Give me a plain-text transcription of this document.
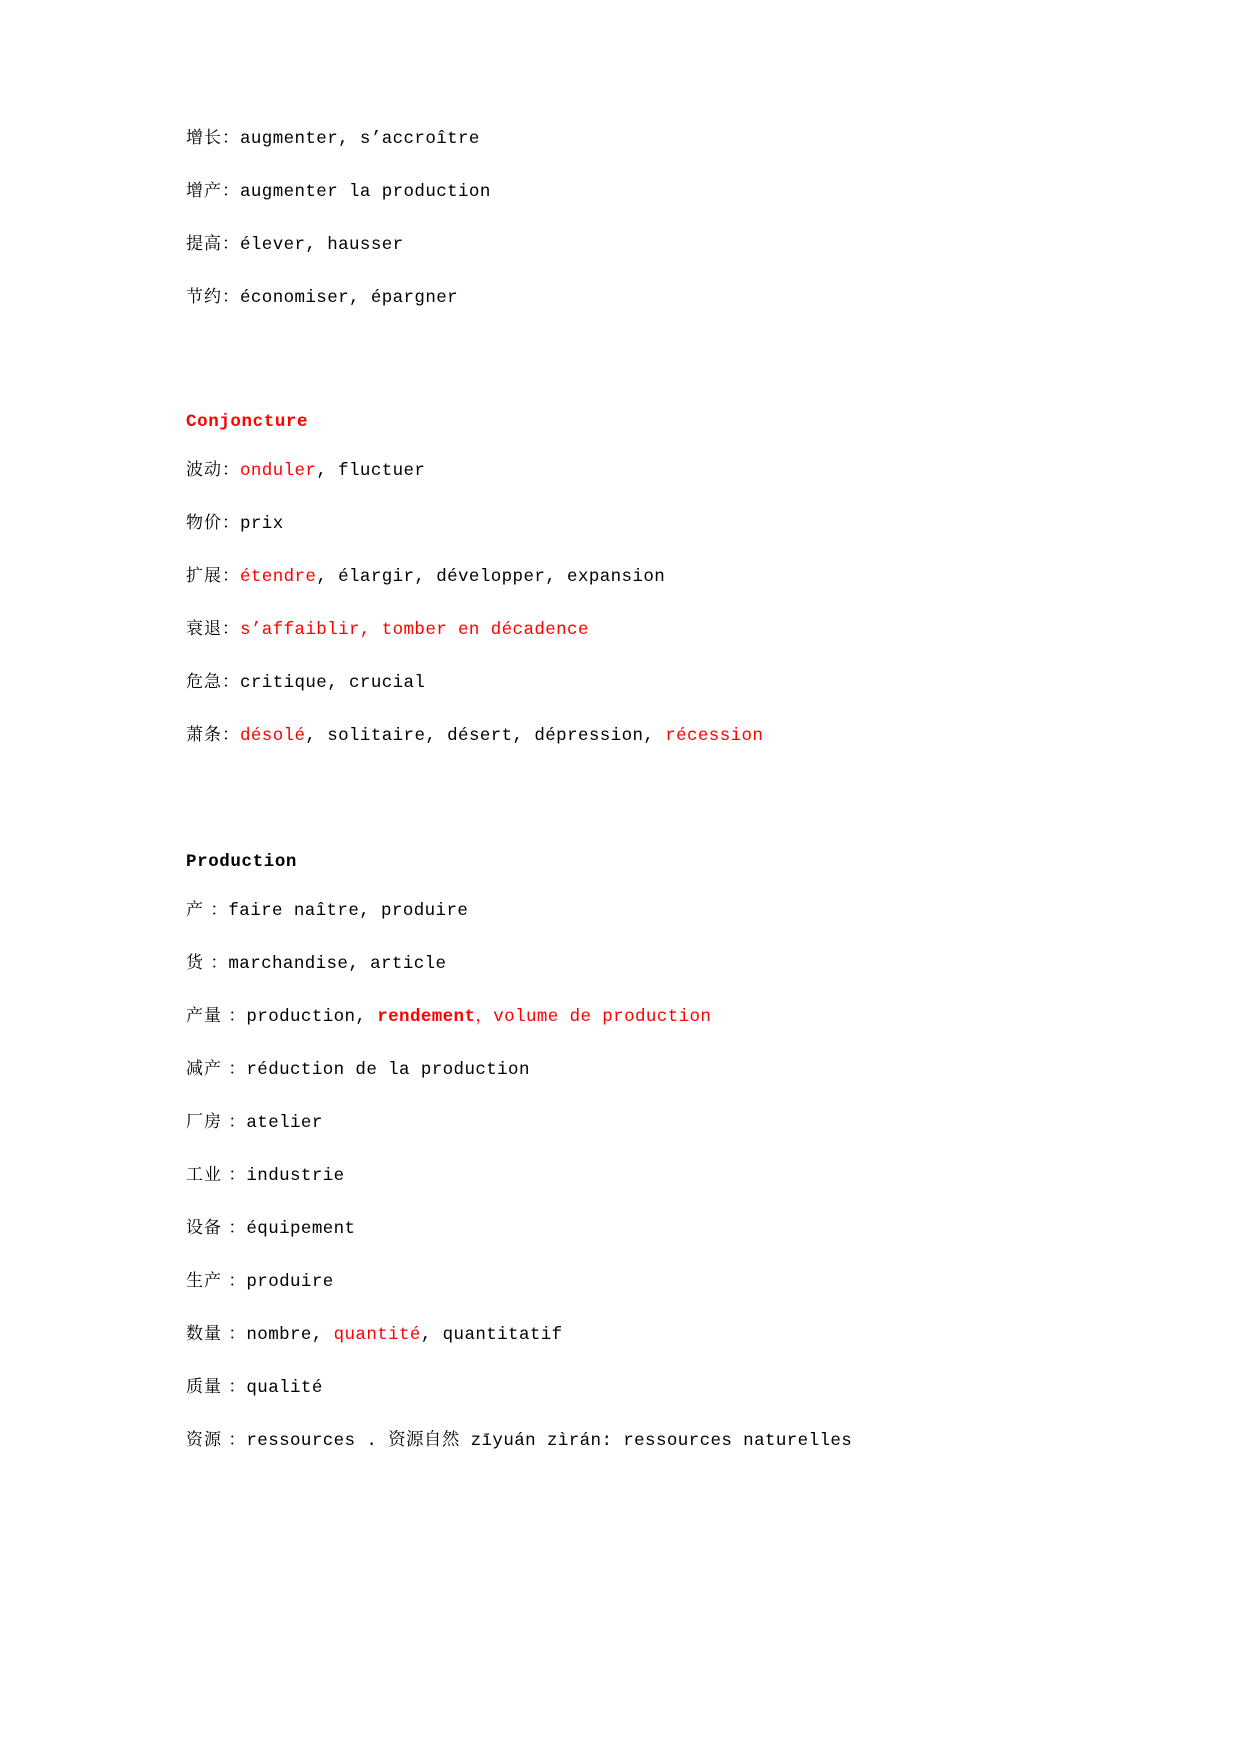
增长：augmenter, s’accroître
增产：augmenter la production
提高：élever, hausser
节约：économiser, épargner
Conjoncture
波动：onduler, fluctuer
物价：prix
扩展：étendre, élargir, développer, expansion
衰退：s’affaiblir, tomber en décadence
危急：critique, crucial
萧条：désolé, solitaire, désert, dépression, récession
Production
产 ：faire naître, produire
货 ：marchandise, article
产量 ：production, rendement，volume de production
减产 ：réduction de la production
厂房 ：atelier
工业 ：industrie
设备 ：équipement
生产 ：produire
数量 ：nombre, quantité, quantitatif
质量 ：qualité
资源 ：ressources . 资源自然 zīyuán zìrán: ressources naturelles
